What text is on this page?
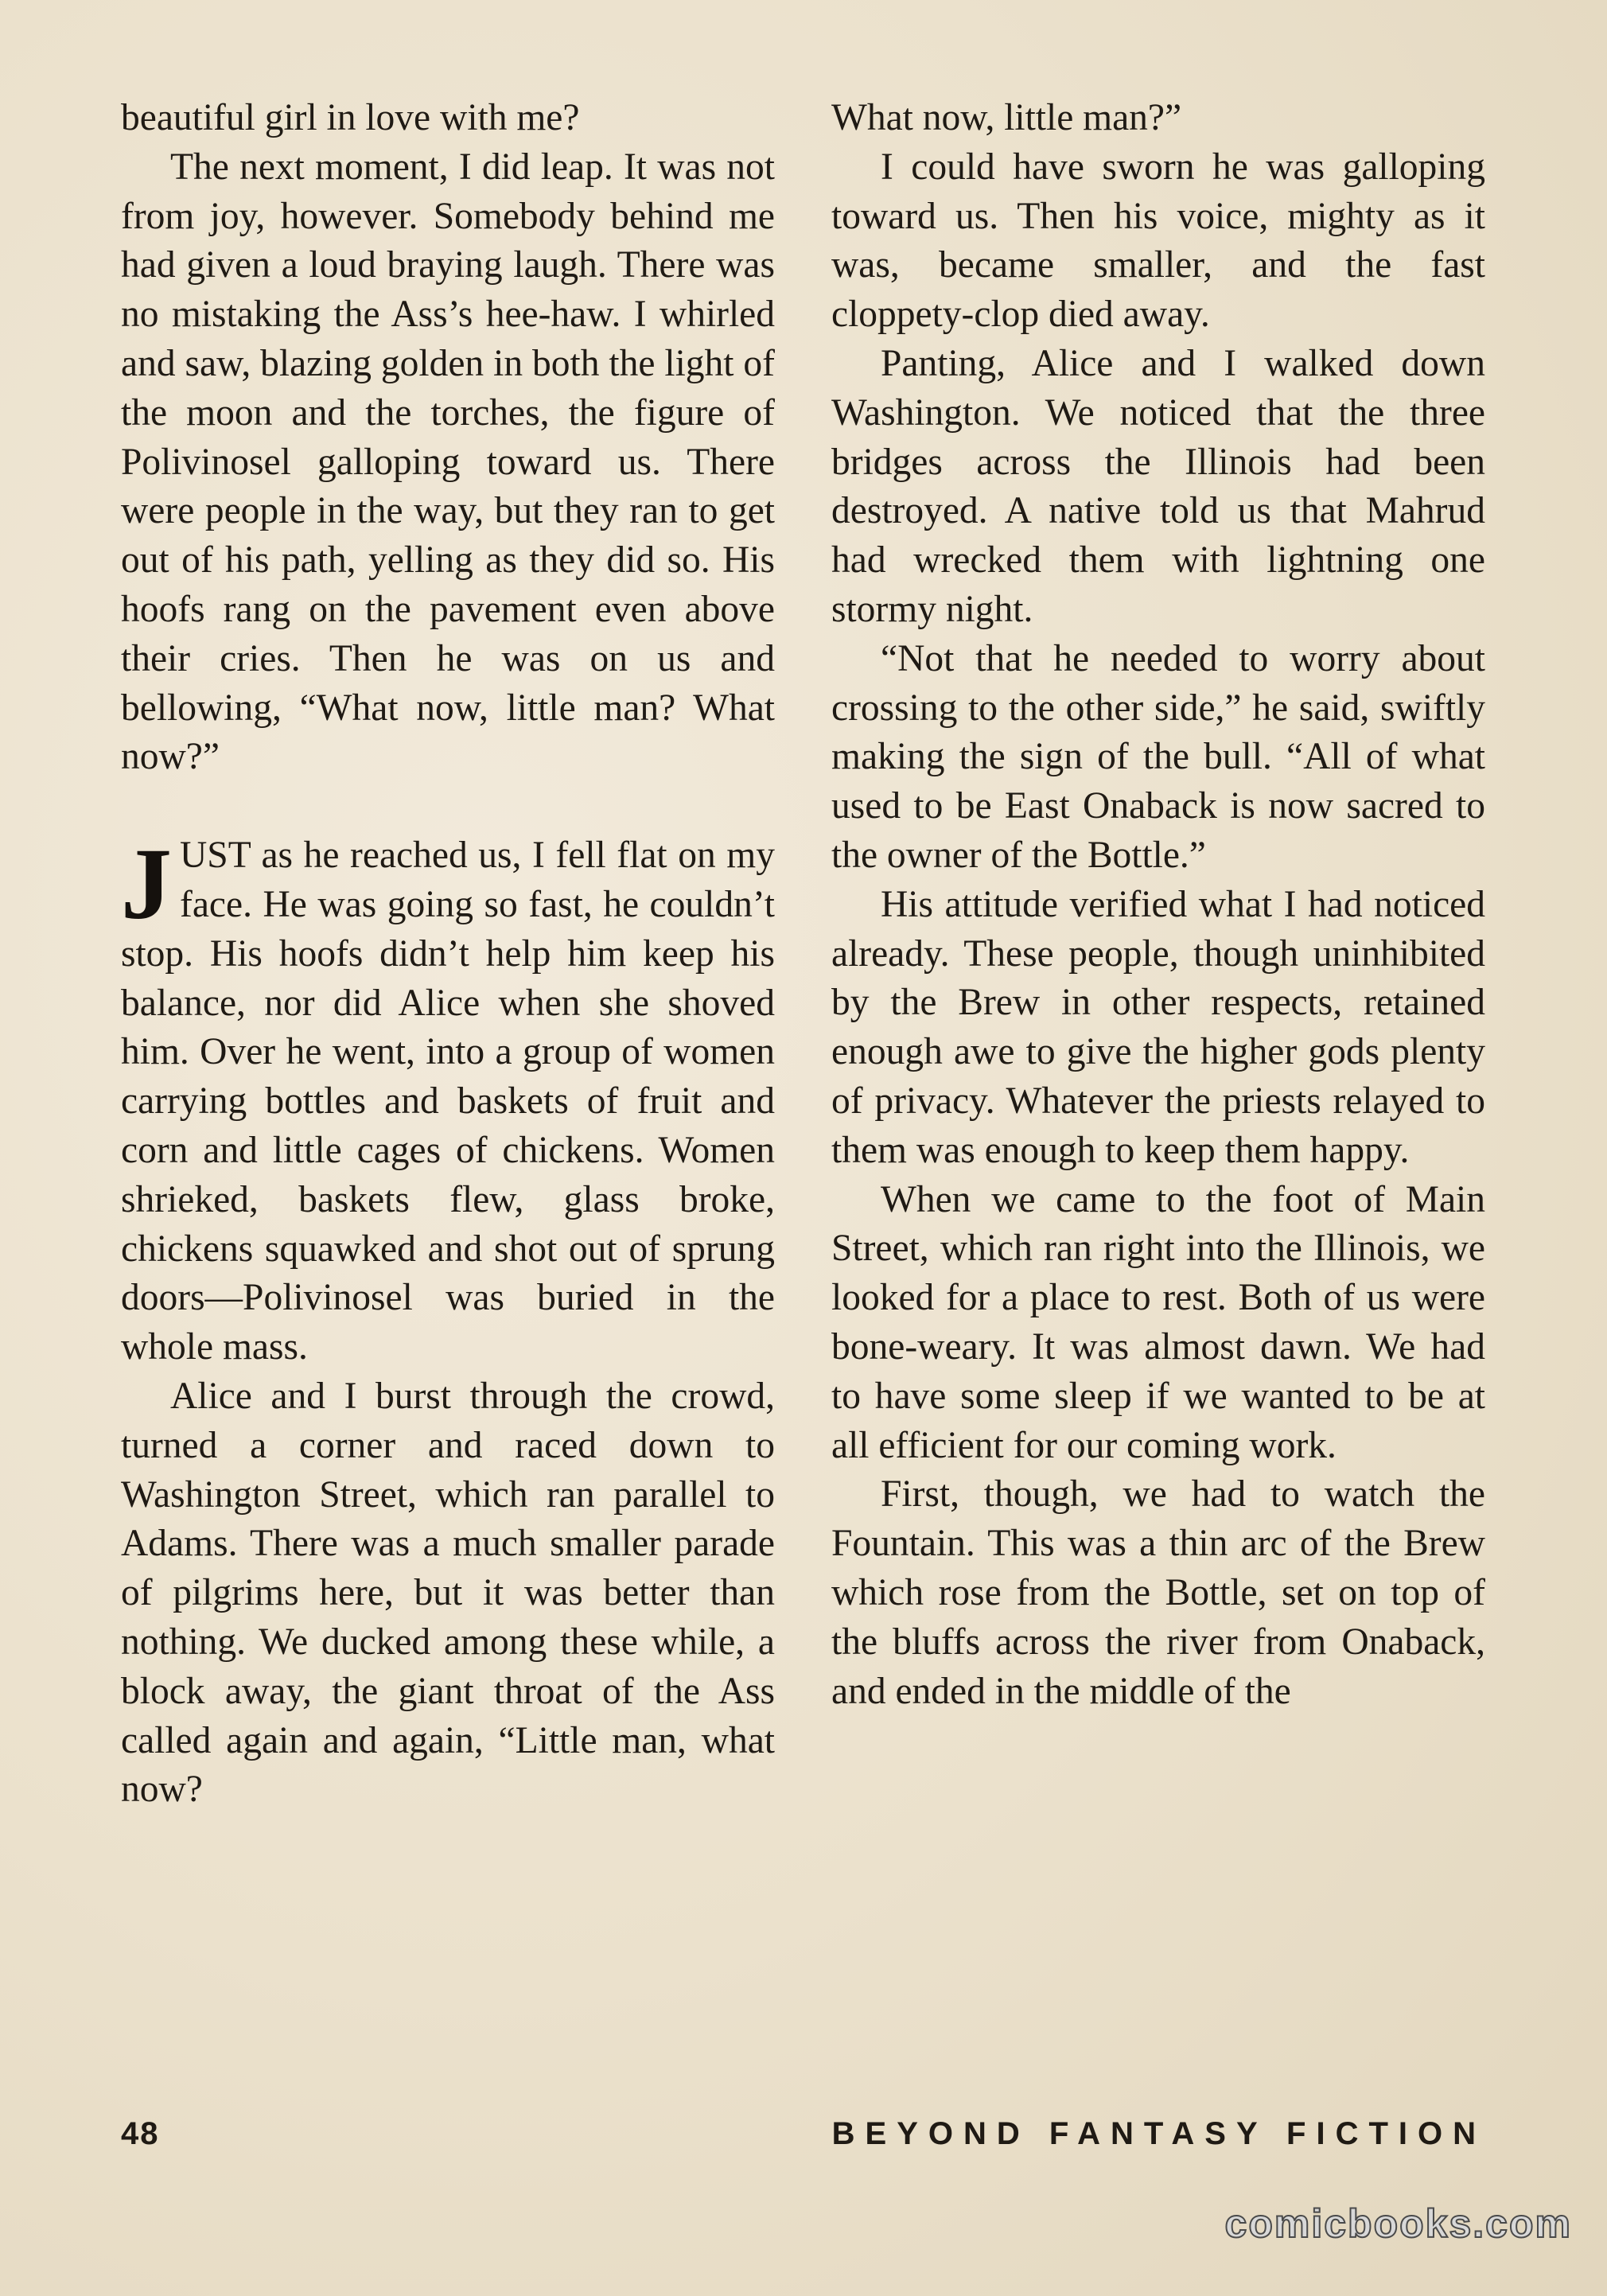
beautiful girl in love with me?

The next moment, I did leap. It was not from joy, however. Somebody behind me had given a loud braying laugh. There was no mistaking the Ass’s hee-haw. I whirled and saw, blazing golden in both the light of the moon and the torches, the figure of Polivinosel galloping toward us. There were people in the way, but they ran to get out of his path, yelling as they did so. His hoofs rang on the pavement even above their cries. Then he was on us and bellowing, “What now, little man? What now?”

JUST as he reached us, I fell flat on my face. He was going so fast, he couldn’t stop. His hoofs didn’t help him keep his balance, nor did Alice when she shoved him. Over he went, into a group of women carrying bottles and baskets of fruit and corn and little cages of chickens. Women shrieked, baskets flew, glass broke, chickens squawked and shot out of sprung doors—Polivinosel was buried in the whole mass.

Alice and I burst through the crowd, turned a corner and raced down to Washington Street, which ran parallel to Adams. There was a much smaller parade of pilgrims here, but it was better than nothing. We ducked among these while, a block away, the giant throat of the Ass called again and again, “Little man, what now?

What now, little man?”

I could have sworn he was galloping toward us. Then his voice, mighty as it was, became smaller, and the fast cloppety-clop died away.

Panting, Alice and I walked down Washington. We noticed that the three bridges across the Illinois had been destroyed. A native told us that Mahrud had wrecked them with lightning one stormy night.

“Not that he needed to worry about crossing to the other side,” he said, swiftly making the sign of the bull. “All of what used to be East Onaback is now sacred to the owner of the Bottle.”

His attitude verified what I had noticed already. These people, though uninhibited by the Brew in other respects, retained enough awe to give the higher gods plenty of privacy. Whatever the priests relayed to them was enough to keep them happy.

When we came to the foot of Main Street, which ran right into the Illinois, we looked for a place to rest. Both of us were bone-weary. It was almost dawn. We had to have some sleep if we wanted to be at all efficient for our coming work.

First, though, we had to watch the Fountain. This was a thin arc of the Brew which rose from the Bottle, set on top of the bluffs across the river from Onaback, and ended in the middle of the

48	BEYOND FANTASY FICTION
comicbooks.com
